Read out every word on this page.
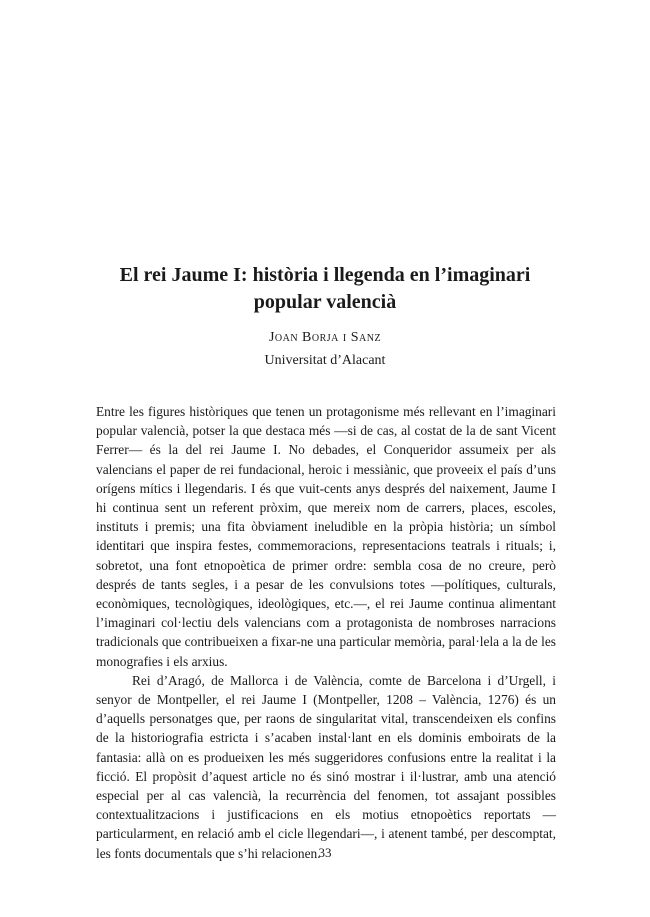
El rei Jaume I: història i llegenda en l’imaginari popular valencià

Joan Borja i Sanz

Universitat d’Alacant

Entre les figures històriques que tenen un protagonisme més rellevant en l’imaginari popular valencià, potser la que destaca més —si de cas, al costat de la de sant Vicent Ferrer— és la del rei Jaume I. No debades, el Conqueridor assumeix per als valencians el paper de rei fundacional, heroic i messiànic, que proveeix el país d’uns orígens mítics i llegendaris. I és que vuit-cents anys després del naixement, Jaume I hi continua sent un referent pròxim, que mereix nom de carrers, places, escoles, instituts i premis; una fita òbviament ineludible en la pròpia història; un símbol identitari que inspira festes, commemoracions, representacions teatrals i rituals; i, sobretot, una font etnopoètica de primer ordre: sembla cosa de no creure, però després de tants segles, i a pesar de les convulsions totes —polítiques, culturals, econòmiques, tecnològiques, ideològiques, etc.—, el rei Jaume continua alimentant l’imaginari col·lectiu dels valencians com a protagonista de nombroses narracions tradicionals que contribueixen a fixar-ne una particular memòria, paral·lela a la de les monografies i els arxius.

Rei d’Aragó, de Mallorca i de València, comte de Barcelona i d’Urgell, i senyor de Montpeller, el rei Jaume I (Montpeller, 1208 – València, 1276) és un d’aquells personatges que, per raons de singularitat vital, transcendeixen els confins de la historiografia estricta i s’acaben instal·lant en els dominis emboirats de la fantasia: allà on es produeixen les més suggeridores confusions entre la realitat i la ficció. El propòsit d’aquest article no és sinó mostrar i il·lustrar, amb una atenció especial per al cas valencià, la recurrència del fenomen, tot assajant possibles contextualitzacions i justificacions en els motius etnopoètics reportats —particularment, en relació amb el cicle llegendari—, i atenent també, per descomptat, les fonts documentals que s’hi relacionen.

33
